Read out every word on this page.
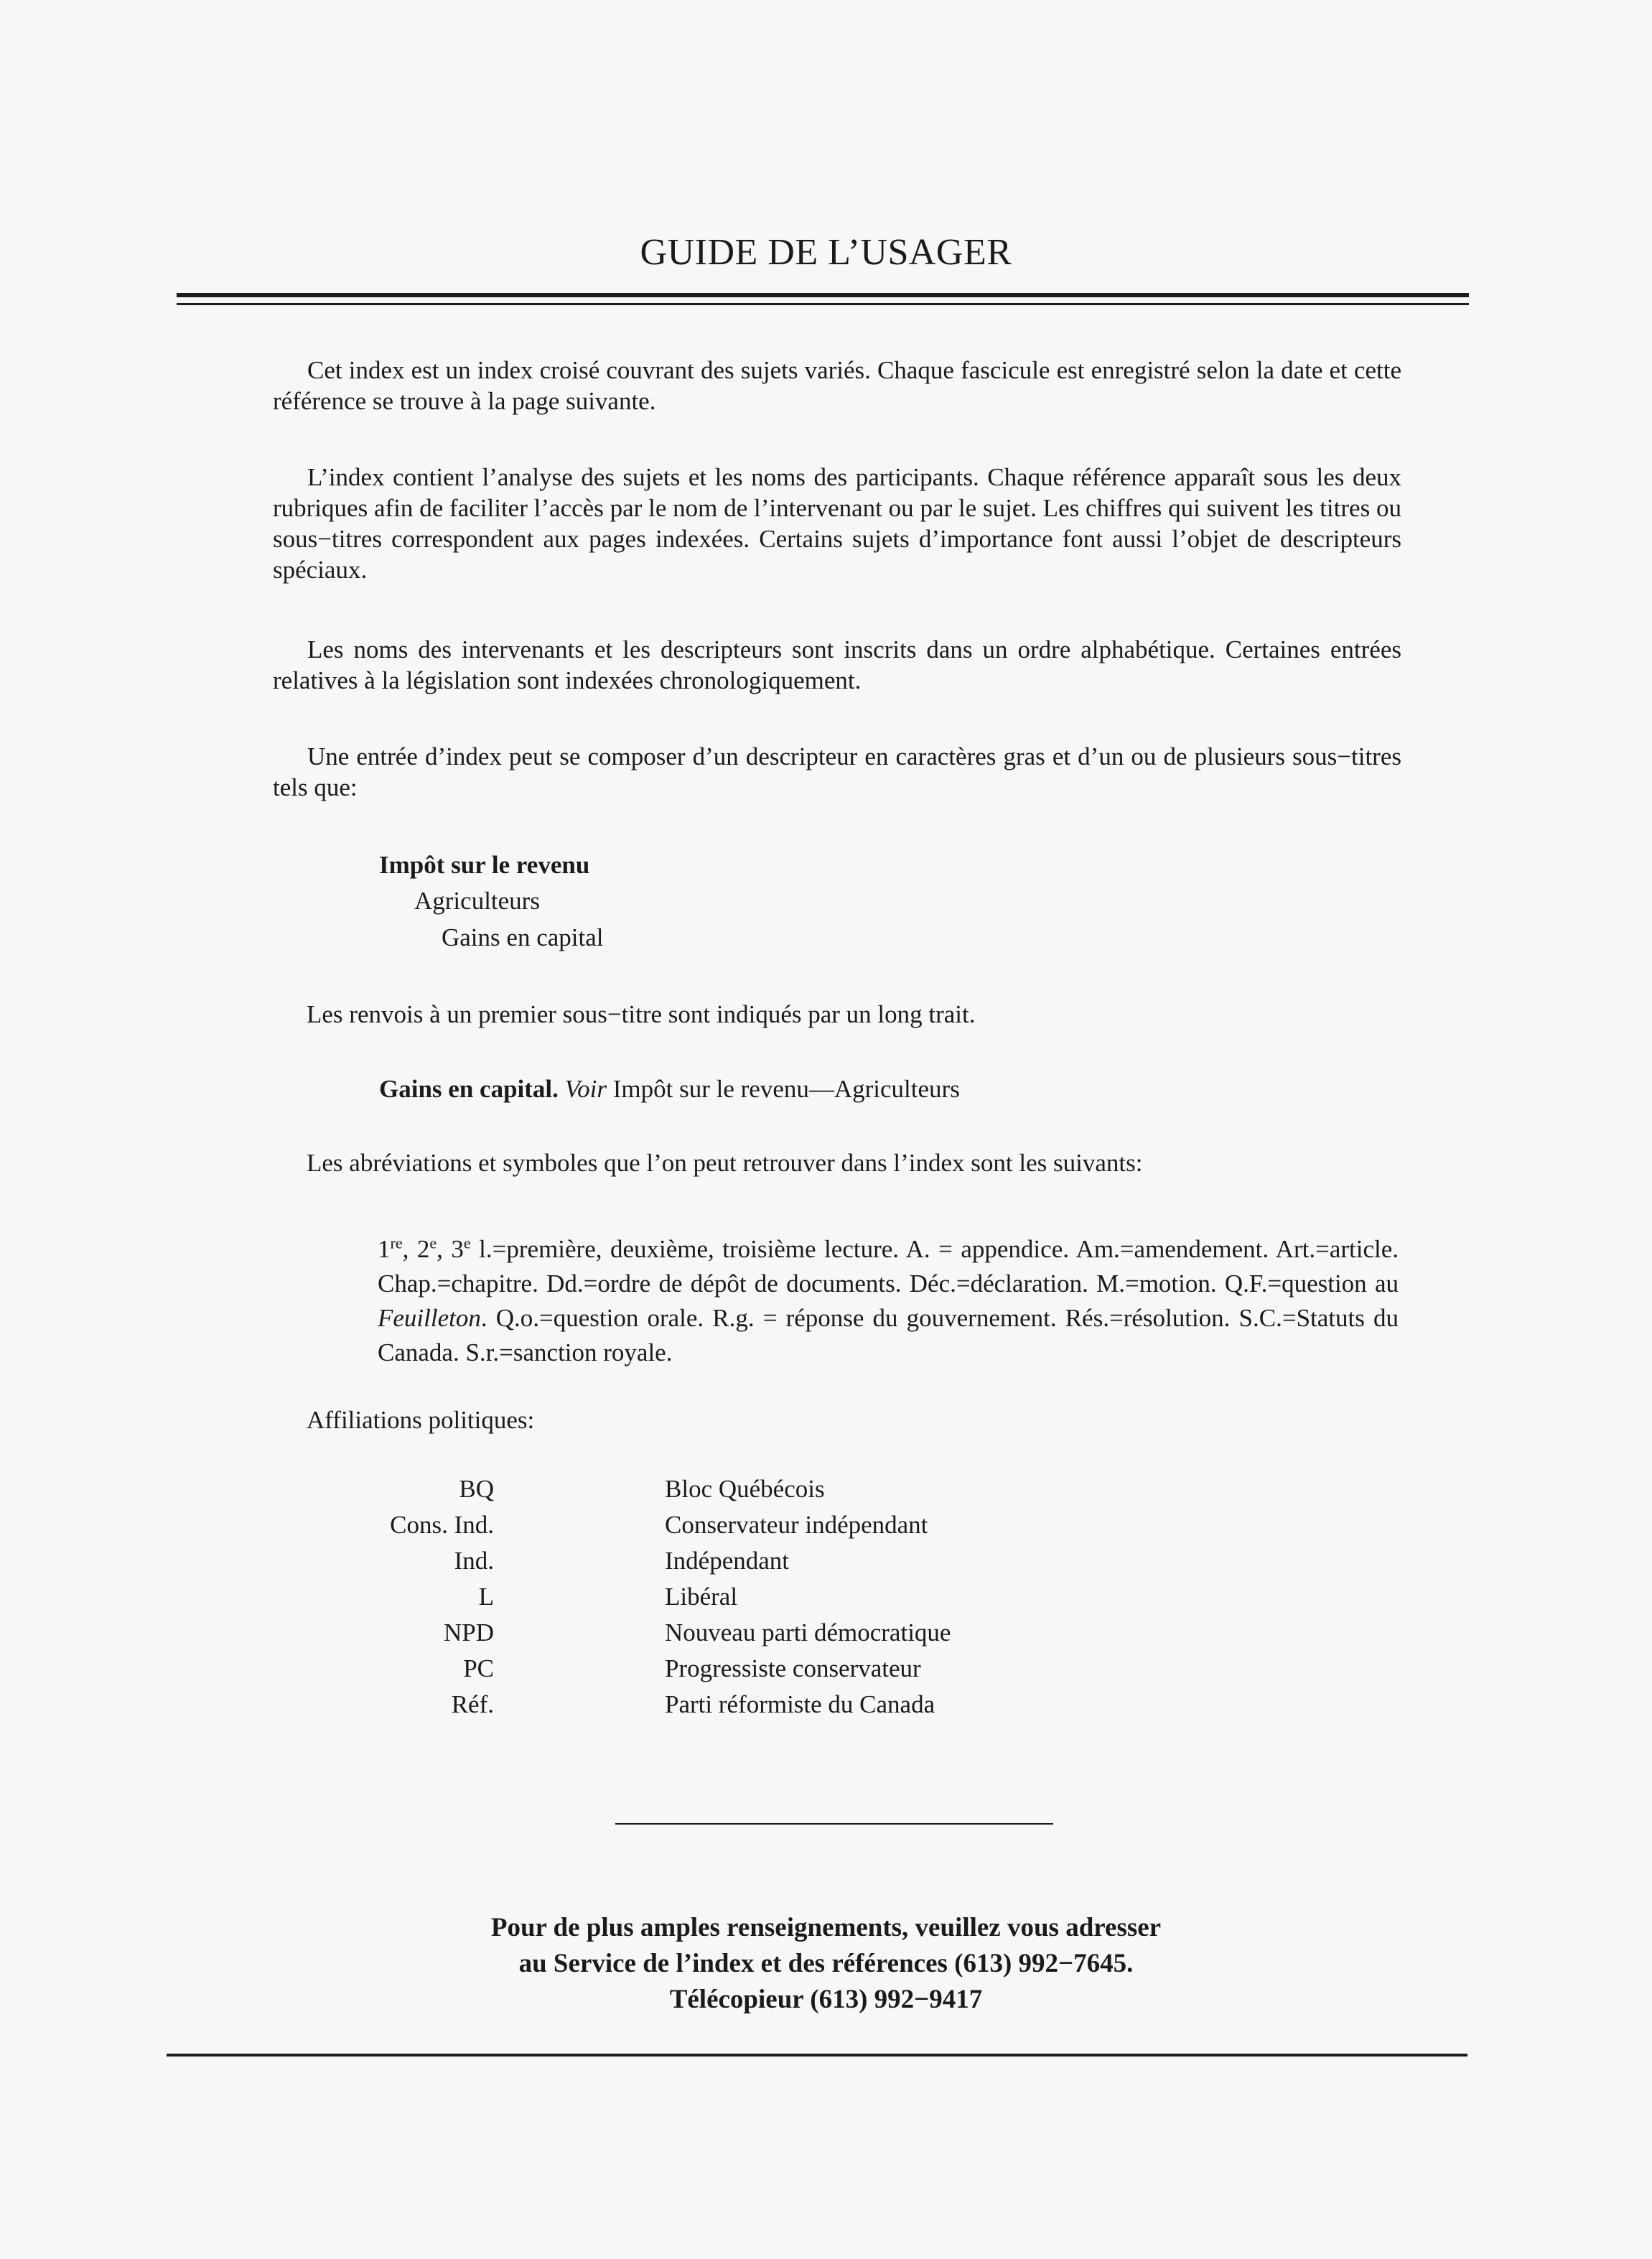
GUIDE DE L’USAGER
Cet index est un index croisé couvrant des sujets variés. Chaque fascicule est enregistré selon la date et cette référence se trouve à la page suivante.
L’index contient l’analyse des sujets et les noms des participants. Chaque référence apparaît sous les deux rubriques afin de faciliter l’accès par le nom de l’intervenant ou par le sujet. Les chiffres qui suivent les titres ou sous−titres correspondent aux pages indexées. Certains sujets d’importance font aussi l’objet de descripteurs spéciaux.
Les noms des intervenants et les descripteurs sont inscrits dans un ordre alphabétique. Certaines entrées relatives à la législation sont indexées chronologiquement.
Une entrée d’index peut se composer d’un descripteur en caractères gras et d’un ou de plusieurs sous−titres tels que:
Impôt sur le revenu
Agriculteurs
Gains en capital
Les renvois à un premier sous−titre sont indiqués par un long trait.
Gains en capital. Voir Impôt sur le revenu—Agriculteurs
Les abréviations et symboles que l’on peut retrouver dans l’index sont les suivants:
1re, 2e, 3e l.=première, deuxième, troisième lecture. A. = appendice. Am.=amendement. Art.=article. Chap.=chapitre. Dd.=ordre de dépôt de documents. Déc.=déclaration. M.=motion. Q.F.=question au Feuilleton. Q.o.=question orale. R.g. = réponse du gouvernement. Rés.=résolution. S.C.=Statuts du Canada. S.r.=sanction royale.
Affiliations politiques:
BQ	Bloc Québécois
Cons. Ind.	Conservateur indépendant
Ind.	Indépendant
L	Libéral
NPD	Nouveau parti démocratique
PC	Progressiste conservateur
Réf.	Parti réformiste du Canada
Pour de plus amples renseignements, veuillez vous adresser
au Service de l’index et des références (613) 992−7645.
Télécopieur (613) 992−9417
